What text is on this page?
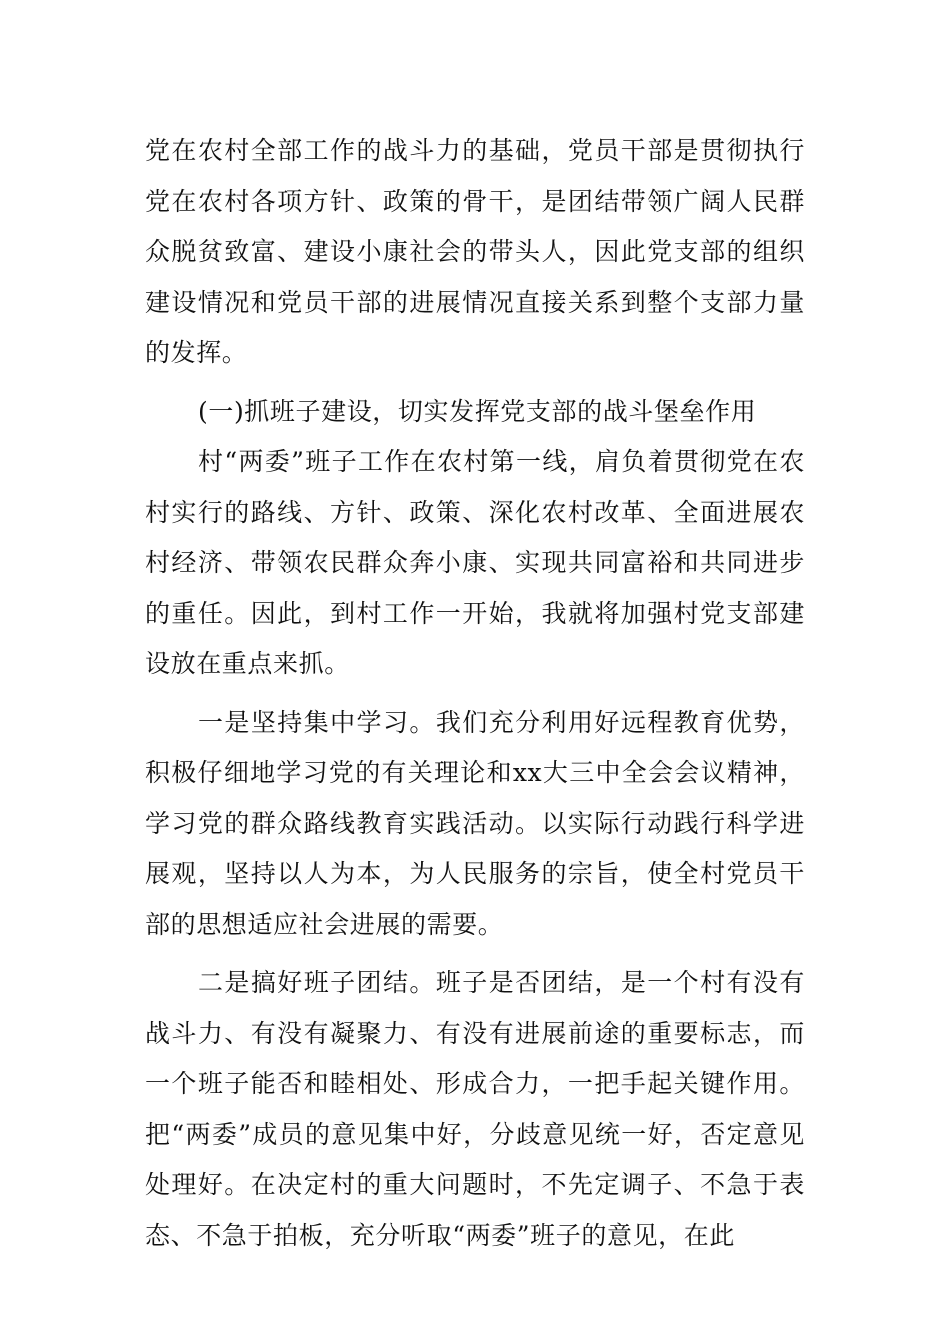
党在农村全部工作的战斗力的基础，党员干部是贯彻执行党在农村各项方针、政策的骨干，是团结带领广阔人民群众脱贫致富、建设小康社会的带头人，因此党支部的组织建设情况和党员干部的进展情况直接关系到整个支部力量的发挥。

(一)抓班子建设，切实发挥党支部的战斗堡垒作用

村“两委”班子工作在农村第一线，肩负着贯彻党在农村实行的路线、方针、政策、深化农村改革、全面进展农村经济、带领农民群众奔小康、实现共同富裕和共同进步的重任。因此，到村工作一开始，我就将加强村党支部建设放在重点来抓。

一是坚持集中学习。我们充分利用好远程教育优势，积极仔细地学习党的有关理论和xx大三中全会会议精神，学习党的群众路线教育实践活动。以实际行动践行科学进展观，坚持以人为本，为人民服务的宗旨，使全村党员干部的思想适应社会进展的需要。

二是搞好班子团结。班子是否团结，是一个村有没有战斗力、有没有凝聚力、有没有进展前途的重要标志，而一个班子能否和睦相处、形成合力，一把手起关键作用。把“两委”成员的意见集中好，分歧意见统一好，否定意见处理好。在决定村的重大问题时，不先定调子、不急于表态、不急于拍板，充分听取“两委”班子的意见，在此
